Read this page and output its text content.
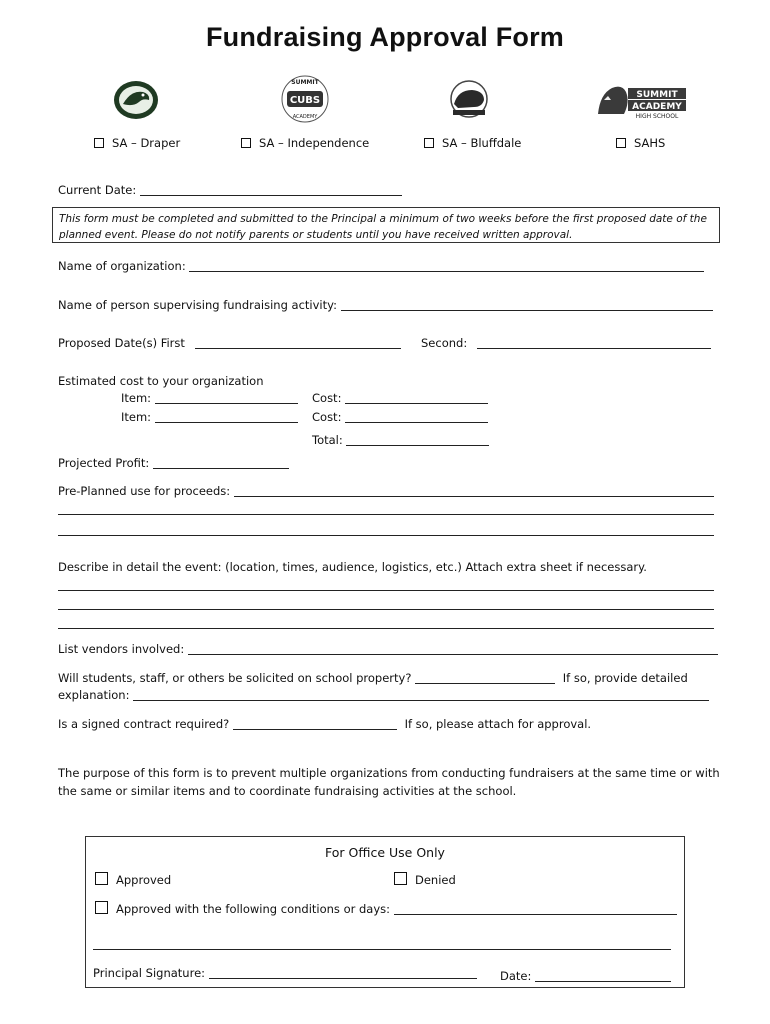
Fundraising Approval Form
SUMMIT
CUBS
ACADEMY
SUMMIT
ACADEMY
HIGH SCHOOL
SA – Draper	SA – Independence	SA – Bluffdale	SAHS
Current Date:
This form must be completed and submitted to the Principal a minimum of two weeks before the first proposed date of the
planned event. Please do not notify parents or students until you have received written approval.
Name of organization:
Name of person supervising fundraising activity:
Proposed Date(s) First	Second:
Estimated cost to your organization
Item:	Cost:
Item:	Cost:
Total:
Projected Profit:
Pre-Planned use for proceeds:
Describe in detail the event: (location, times, audience, logistics, etc.) Attach extra sheet if necessary.
List vendors involved:
Will students, staff, or others be solicited on school property?	If so, provide detailed
explanation:
Is a signed contract required?	If so, please attach for approval.
The purpose of this form is to prevent multiple organizations from conducting fundraisers at the same time or with
the same or similar items and to coordinate fundraising activities at the school.
For Office Use Only
Approved	Denied
Approved with the following conditions or days:
Principal Signature:	Date:
